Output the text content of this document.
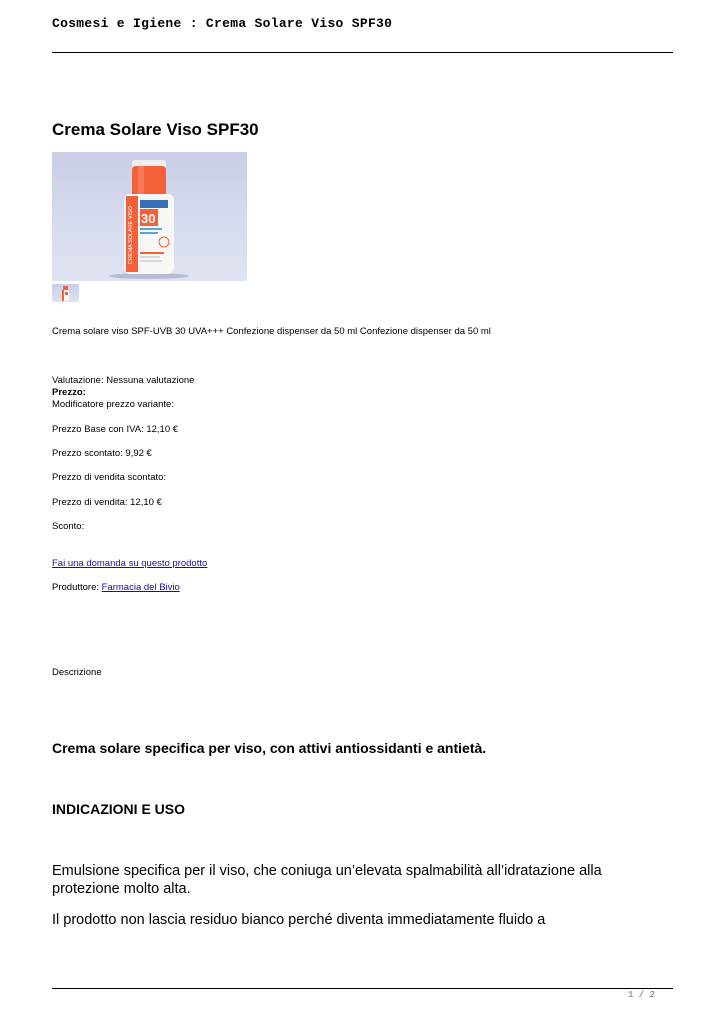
Cosmesi e Igiene : Crema Solare Viso SPF30
Crema Solare Viso SPF30
CREMA SOLARE VISO 30
Crema solare viso SPF-UVB 30 UVA+++ Confezione dispenser da 50 ml Confezione dispenser da 50 ml
Valutazione: Nessuna valutazione
Prezzo:
Modificatore prezzo variante:
Prezzo Base con IVA: 12,10 €
Prezzo scontato: 9,92 €
Prezzo di vendita scontato:
Prezzo di vendita: 12,10 €
Sconto:
Fai una domanda su questo prodotto
Produttore: Farmacia del Bivio
Descrizione
Crema solare specifica per viso, con attivi antiossidanti e antietà.
INDICAZIONI E USO
Emulsione specifica per il viso, che coniuga un’elevata spalmabilità all’idratazione alla protezione molto alta.
Il prodotto non lascia residuo bianco perché diventa immediatamente fluido a
1 / 2
